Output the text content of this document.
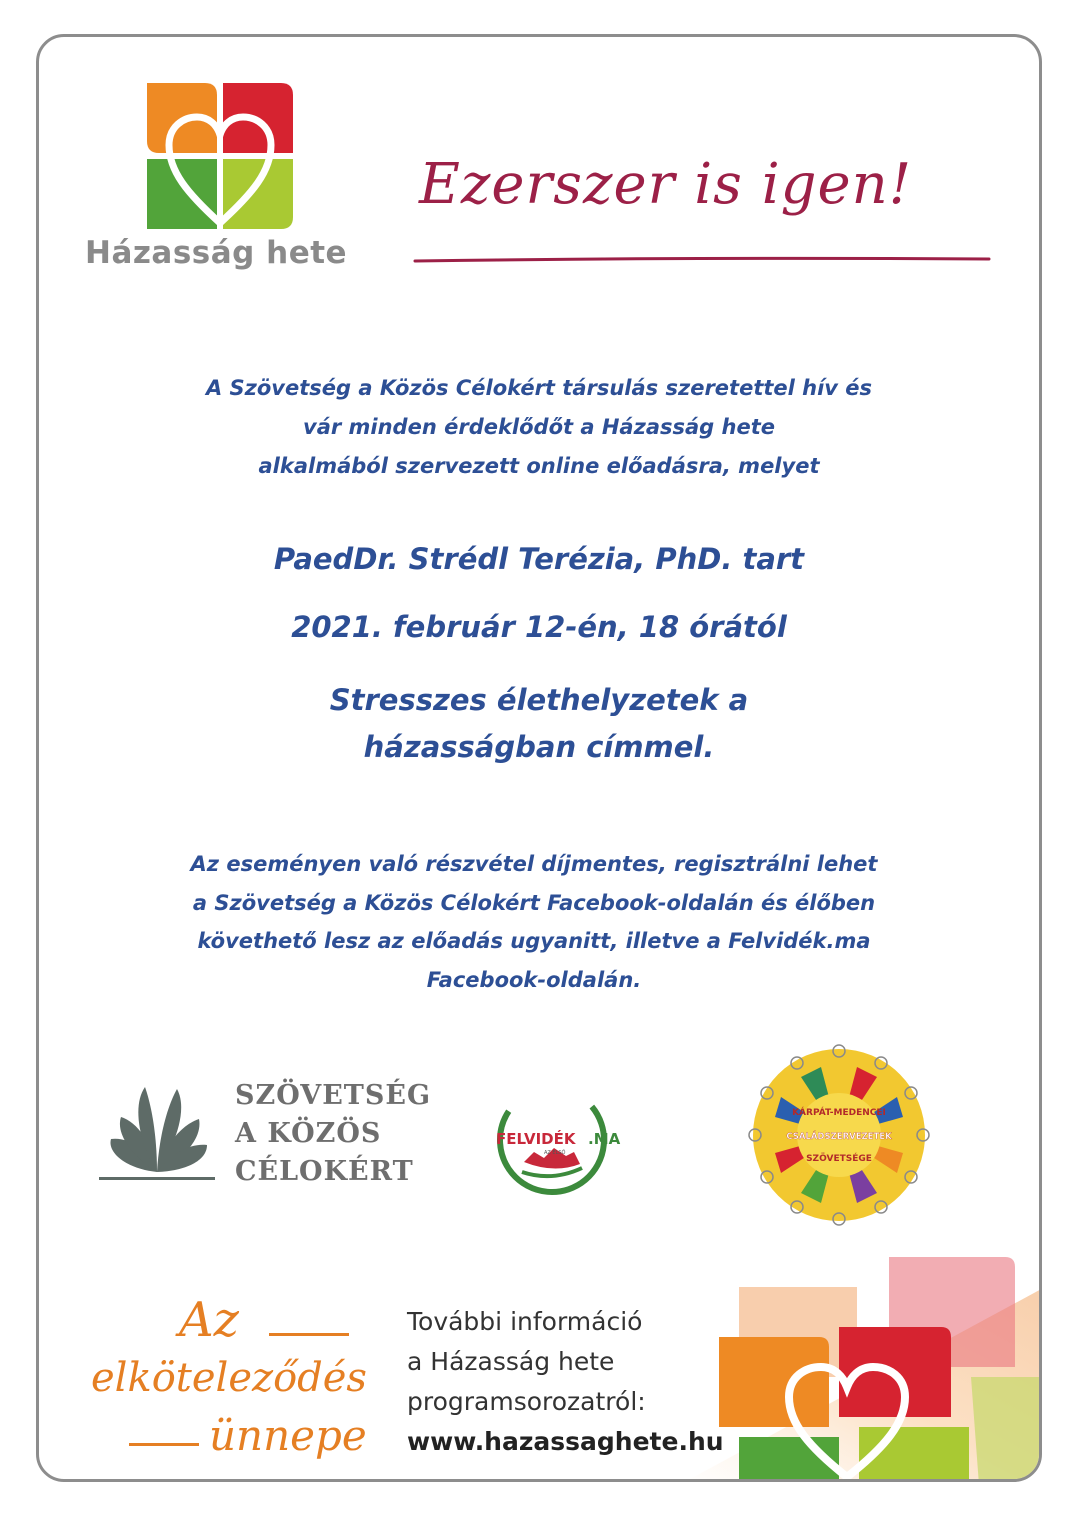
Házasság hete
Ezerszer is igen!
A Szövetség a Közös Célokért társulás szeretettel hív és
vár minden érdeklődőt a Házasság hete
alkalmából szervezett online előadásra, melyet
PaedDr. Strédl Terézia, PhD. tart
2021. február 12-én, 18 órától
Stresszes élethelyzetek a
házasságban címmel.
Az eseményen való részvétel díjmentes, regisztrálni lehet
a Szövetség a Közös Célokért Facebook-oldalán és élőben
követhető lesz az előadás ugyanitt, illetve a Felvidék.ma
Facebook-oldalán.
SZÖVETSÉG
A KÖZÖS
CÉLOKÉRT
FELVIDÉK .MA
AZ ELSŐ
KÁRPÁT-MEDENCEI
CSALÁDSZERVEZETEK
SZÖVETSÉGE
Az
elköteleződés
ünnepe
További információ
a Házasság hete
programsorozatról:
www.hazassaghete.hu
